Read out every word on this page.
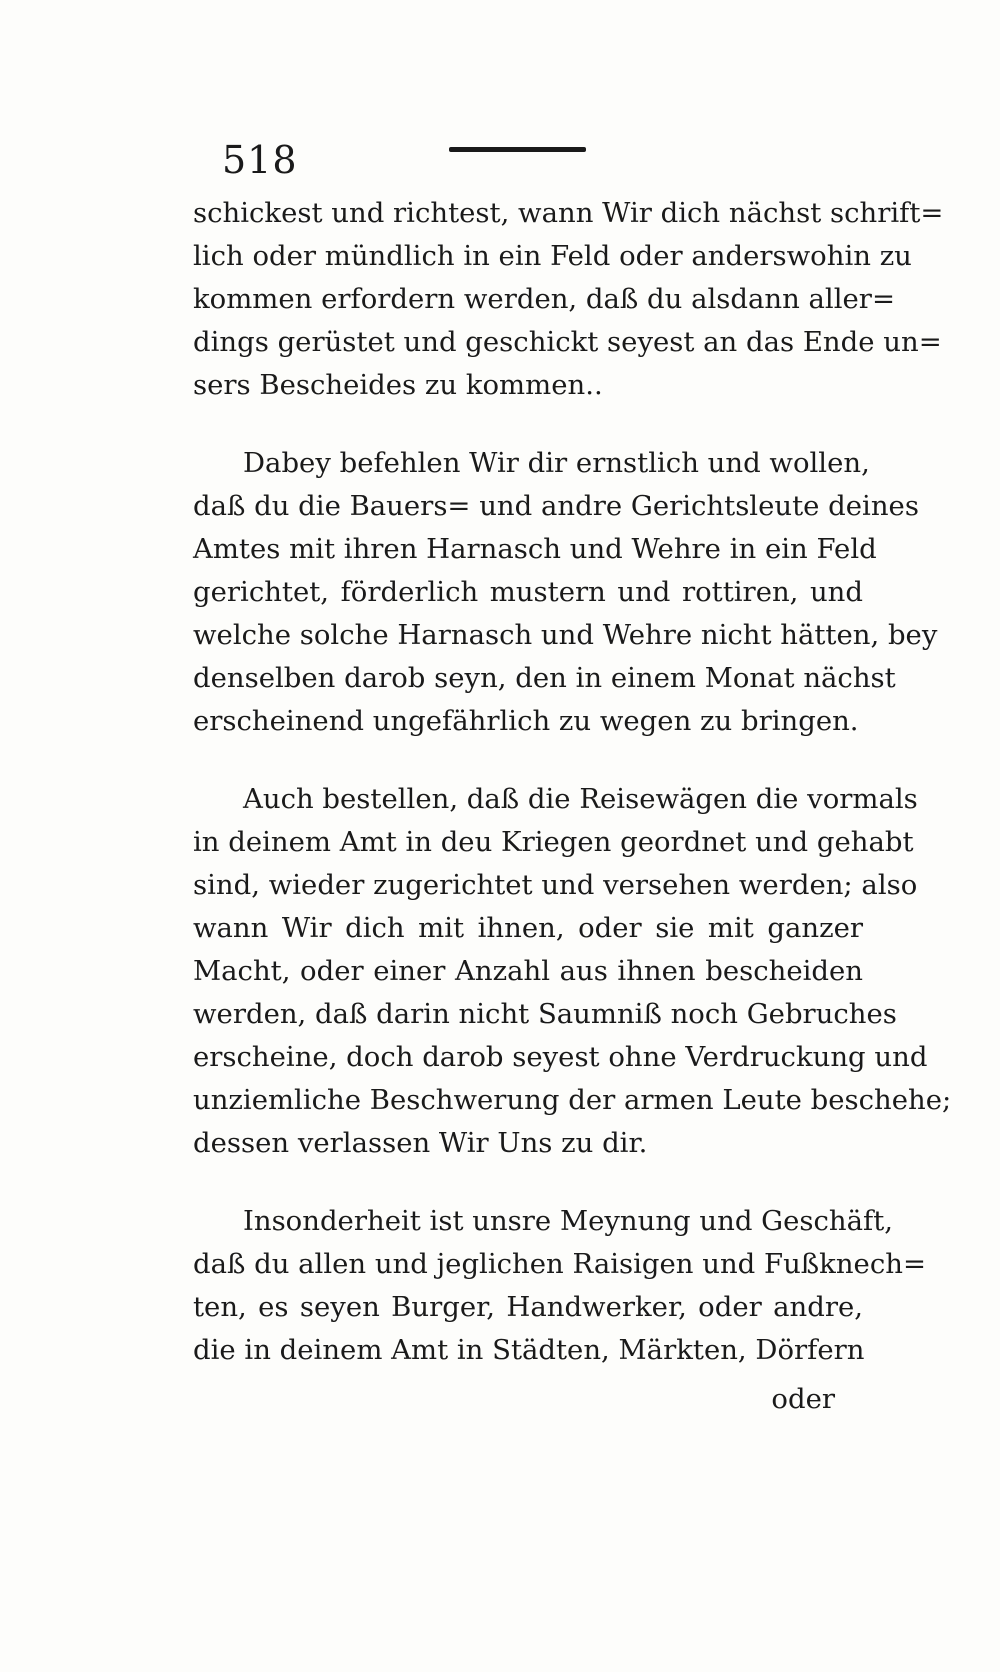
518
schickest und richtest, wann Wir dich nächst schrift=
lich oder mündlich in ein Feld oder anderswohin zu
kommen erfordern werden, daß du alsdann aller=
dings gerüstet und geschickt seyest an das Ende un=
sers Bescheides zu kommen..
Dabey befehlen Wir dir ernstlich und wollen,
daß du die Bauers= und andre Gerichtsleute deines
Amtes mit ihren Harnasch und Wehre in ein Feld
gerichtet, förderlich mustern und rottiren, und
welche solche Harnasch und Wehre nicht hätten, bey
denselben darob seyn, den in einem Monat nächst
erscheinend ungefährlich zu wegen zu bringen.
Auch bestellen, daß die Reisewägen die vormals
in deinem Amt in deu Kriegen geordnet und gehabt
sind, wieder zugerichtet und versehen werden; also
wann Wir dich mit ihnen, oder sie mit ganzer
Macht, oder einer Anzahl aus ihnen bescheiden
werden, daß darin nicht Saumniß noch Gebruches
erscheine, doch darob seyest ohne Verdruckung und
unziemliche Beschwerung der armen Leute beschehe;
dessen verlassen Wir Uns zu dir.
Insonderheit ist unsre Meynung und Geschäft,
daß du allen und jeglichen Raisigen und Fußknech=
ten, es seyen Burger, Handwerker, oder andre,
die in deinem Amt in Städten, Märkten, Dörfern
oder
